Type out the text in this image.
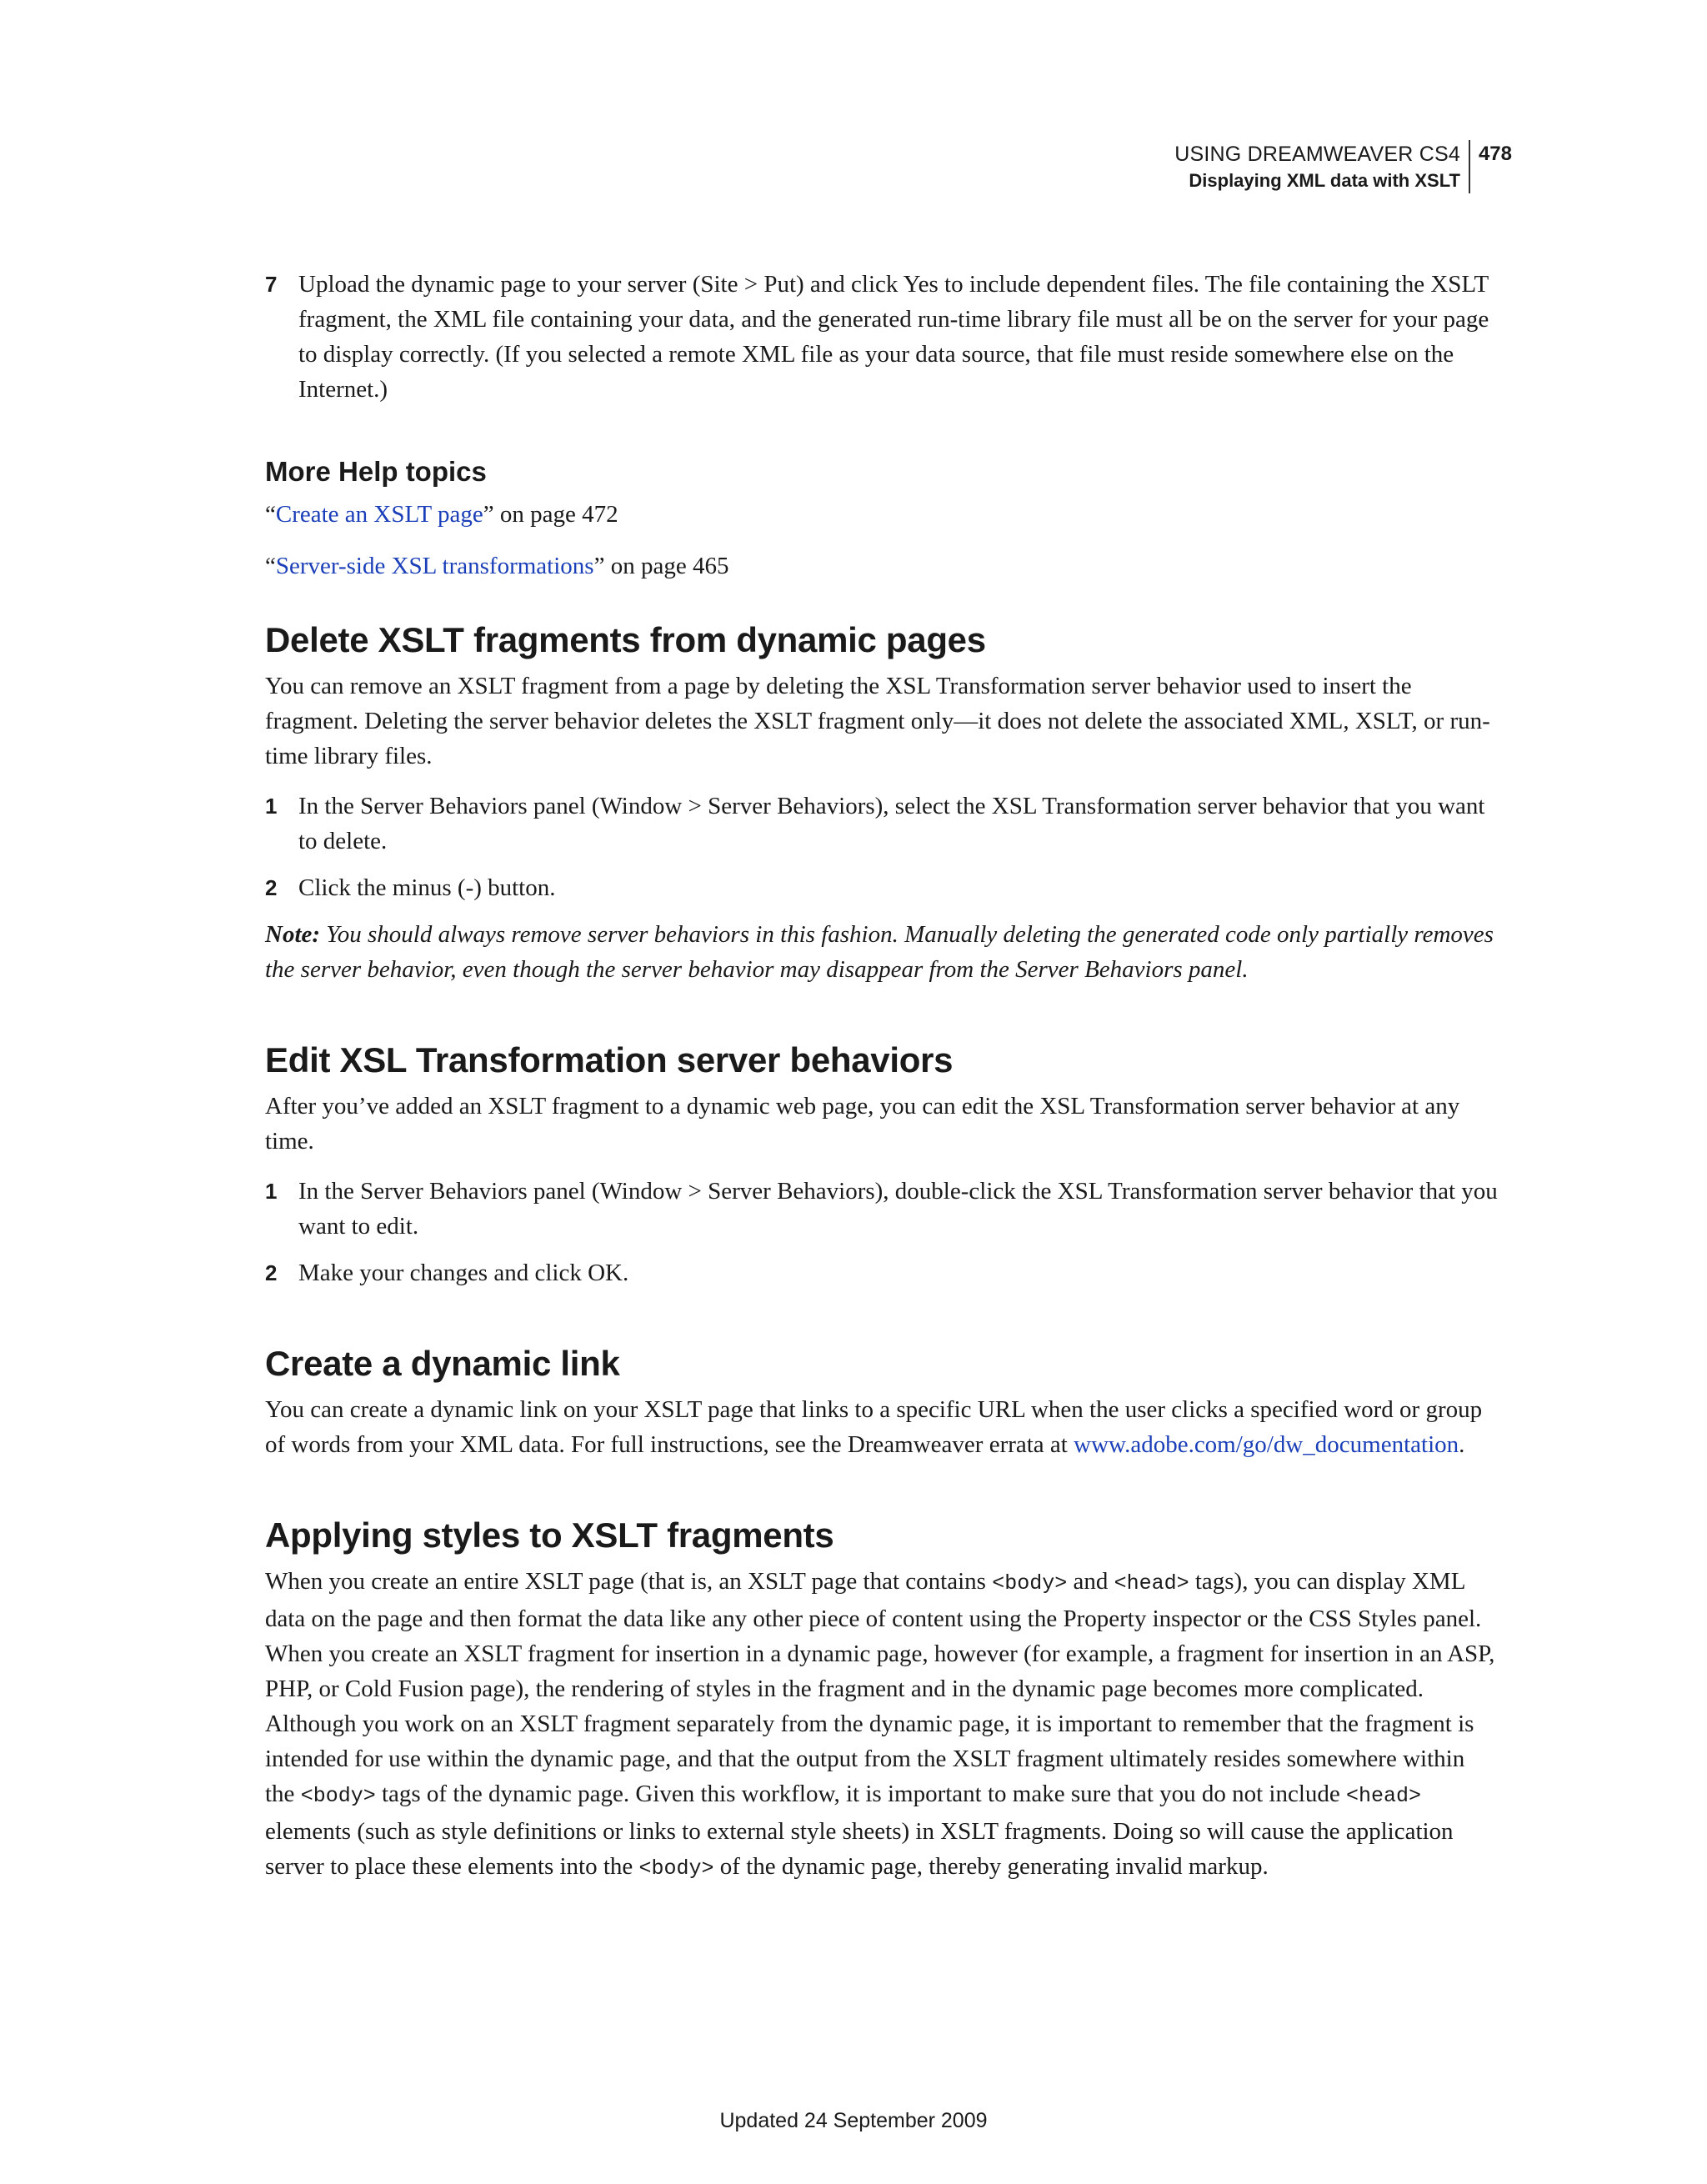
USING DREAMWEAVER CS4
Displaying XML data with XSLT
478
7 Upload the dynamic page to your server (Site > Put) and click Yes to include dependent files. The file containing the XSLT fragment, the XML file containing your data, and the generated run-time library file must all be on the server for your page to display correctly. (If you selected a remote XML file as your data source, that file must reside somewhere else on the Internet.)
More Help topics

“Create an XSLT page” on page 472

“Server-side XSL transformations” on page 465

Delete XSLT fragments from dynamic pages

You can remove an XSLT fragment from a page by deleting the XSL Transformation server behavior used to insert the fragment. Deleting the server behavior deletes the XSLT fragment only—it does not delete the associated XML, XSLT, or run-time library files.

1 In the Server Behaviors panel (Window > Server Behaviors), select the XSL Transformation server behavior that you want to delete.
2 Click the minus (-) button.

Note: You should always remove server behaviors in this fashion. Manually deleting the generated code only partially removes the server behavior, even though the server behavior may disappear from the Server Behaviors panel.

Edit XSL Transformation server behaviors

After you’ve added an XSLT fragment to a dynamic web page, you can edit the XSL Transformation server behavior at any time.

1 In the Server Behaviors panel (Window > Server Behaviors), double-click the XSL Transformation server behavior that you want to edit.
2 Make your changes and click OK.
Create a dynamic link

You can create a dynamic link on your XSLT page that links to a specific URL when the user clicks a specified word or group of words from your XML data. For full instructions, see the Dreamweaver errata at www.adobe.com/go/dw_documentation.

Applying styles to XSLT fragments

When you create an entire XSLT page (that is, an XSLT page that contains <body> and <head> tags), you can display XML data on the page and then format the data like any other piece of content using the Property inspector or the CSS Styles panel. When you create an XSLT fragment for insertion in a dynamic page, however (for example, a fragment for insertion in an ASP, PHP, or Cold Fusion page), the rendering of styles in the fragment and in the dynamic page becomes more complicated. Although you work on an XSLT fragment separately from the dynamic page, it is important to remember that the fragment is intended for use within the dynamic page, and that the output from the XSLT fragment ultimately resides somewhere within the <body> tags of the dynamic page. Given this workflow, it is important to make sure that you do not include <head> elements (such as style definitions or links to external style sheets) in XSLT fragments. Doing so will cause the application server to place these elements into the <body> of the dynamic page, thereby generating invalid markup.

Updated 24 September 2009
